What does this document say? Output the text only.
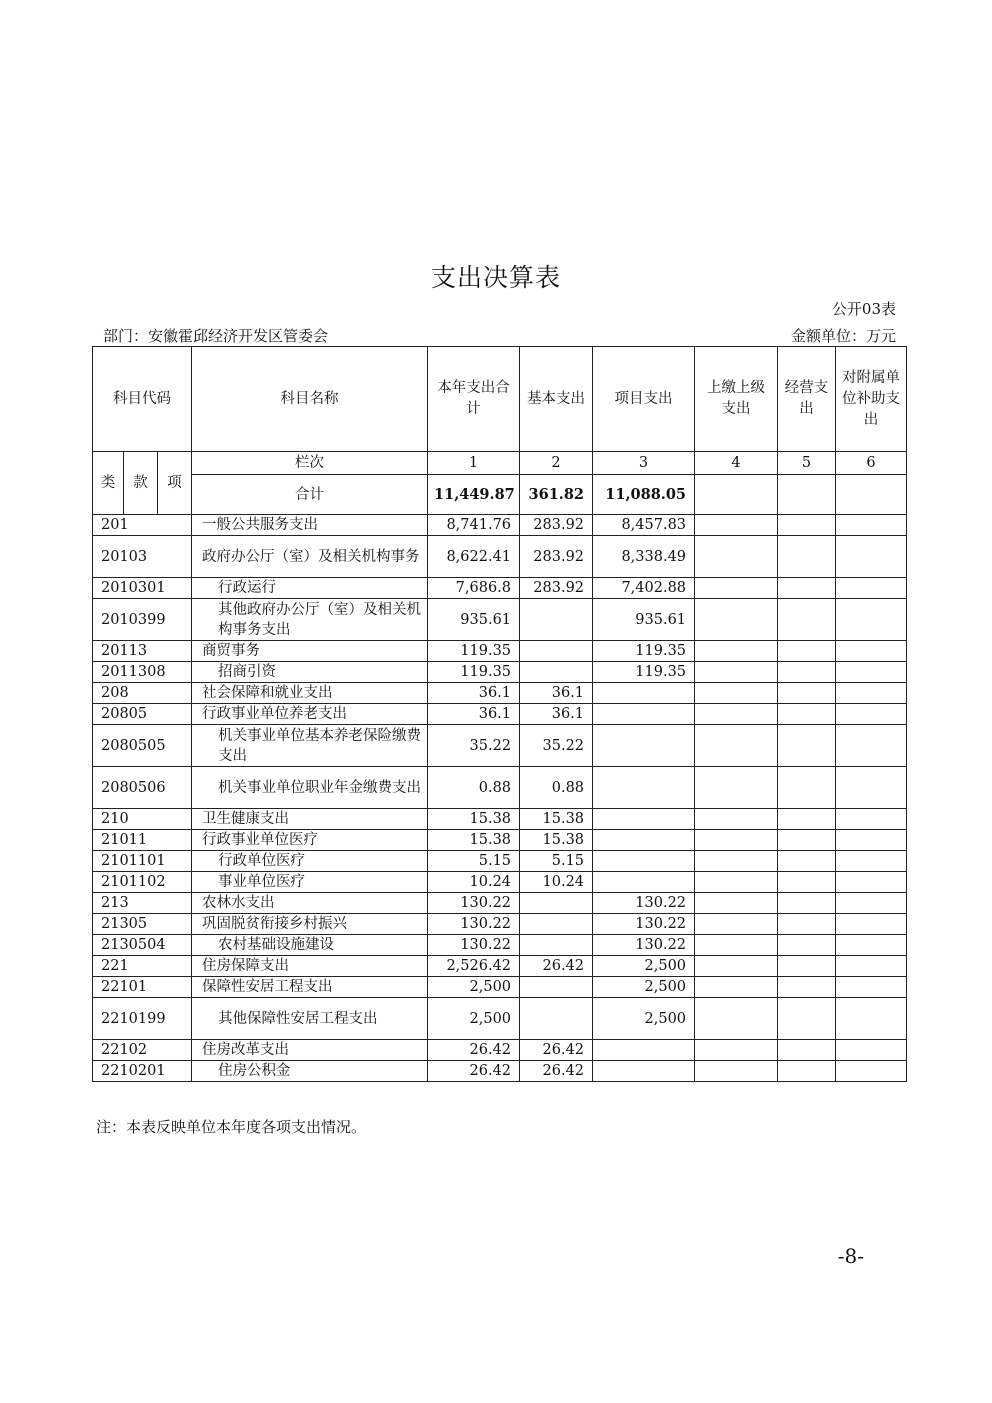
支出决算表
公开03表
部门：安徽霍邱经济开发区管委会	金额单位：万元
科目代码			科目名称	本年支出合计	基本支出	项目支出	上缴上级支出	经营支出	对附属单位补助支出
类	款	项	栏次	1	2	3	4	5	6
			合计	11,449.87	361.82	11,088.05			
201			一般公共服务支出	8,741.76	283.92	8,457.83			
20103			政府办公厅（室）及相关机构事务	8,622.41	283.92	8,338.49			
2010301			行政运行	7,686.8	283.92	7,402.88			
2010399			其他政府办公厅（室）及相关机构事务支出	935.61		935.61			
20113			商贸事务	119.35		119.35			
2011308			招商引资	119.35		119.35			
208			社会保障和就业支出	36.1	36.1				
20805			行政事业单位养老支出	36.1	36.1				
2080505			机关事业单位基本养老保险缴费支出	35.22	35.22				
2080506			机关事业单位职业年金缴费支出	0.88	0.88				
210			卫生健康支出	15.38	15.38				
21011			行政事业单位医疗	15.38	15.38				
2101101			行政单位医疗	5.15	5.15				
2101102			事业单位医疗	10.24	10.24				
213			农林水支出	130.22		130.22			
21305			巩固脱贫衔接乡村振兴	130.22		130.22			
2130504			农村基础设施建设	130.22		130.22			
221			住房保障支出	2,526.42	26.42	2,500			
22101			保障性安居工程支出	2,500		2,500			
2210199			其他保障性安居工程支出	2,500		2,500			
22102			住房改革支出	26.42	26.42				
2210201			住房公积金	26.42	26.42				
注：本表反映单位本年度各项支出情况。
-8-
